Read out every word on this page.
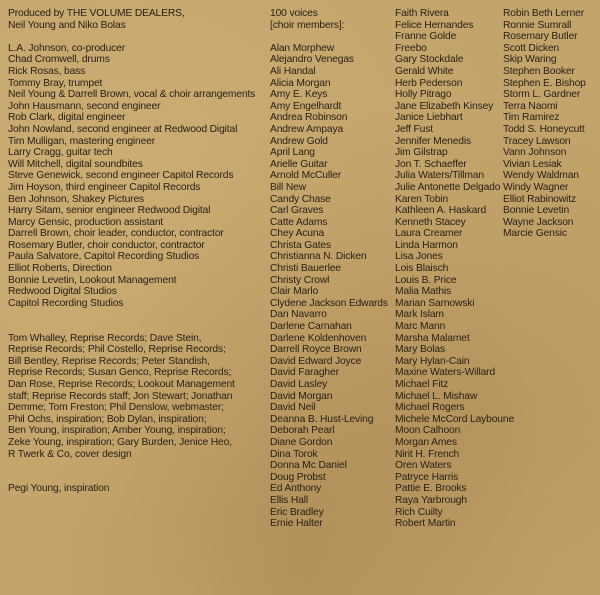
Produced by THE VOLUME DEALERS,
Neil Young and Niko Bolas
L.A. Johnson, co-producer
Chad Cromwell, drums
Rick Rosas, bass
Tommy Bray, trumpet
Neil Young & Darrell Brown, vocal & choir arrangements
John Hausmann, second engineer
Rob Clark, digital engineer
John Nowland, second engineer at Redwood Digital
Tim Mulligan, mastering engineer
Larry Cragg, guitar tech
Will Mitchell, digital soundbites
Steve Genewick, second engineer Capitol Records
Jim Hoyson, third engineer Capitol Records
Ben Johnson, Shakey Pictures
Harry Sitam, senior engineer Redwood Digital
Marcy Gensic, production assistant
Darrell Brown, choir leader, conductor, contractor
Rosemary Butler, choir conductor, contractor
Paula Salvatore, Capitol Recording Studios
Elliot Roberts, Direction
Bonnie Levetin, Lookout Management
Redwood Digital Studios
Capitol Recording Studios
Tom Whalley, Reprise Records; Dave Stein,
Reprise Records; Phil Costello, Reprise Records;
Bill Bentley, Reprise Records; Peter Standish,
Reprise Records; Susan Genco, Reprise Records;
Dan Rose, Reprise Records; Lookout Management
staff; Reprise Records staff; Jon Stewart; Jonathan
Demme; Tom Freston; Phil Denslow, webmaster;
Phil Ochs, inspiration; Bob Dylan, inspiration;
Ben Young, inspiration; Amber Young, inspiration;
Zeke Young, inspiration; Gary Burden, Jenice Heo,
R Twerk & Co, cover design
Pegi Young, inspiration
100 voices
[choir members]:
Alan Morphew
Alejandro Venegas
Ali Handal
Alicia Morgan
Amy E. Keys
Amy Engelhardt
Andrea Robinson
Andrew Ampaya
Andrew Gold
April Lang
Arielle Guitar
Arnold McCuller
Bill New
Candy Chase
Carl Graves
Catte Adams
Chey Acuna
Christa Gates
Christianna N. Dicken
Christi Bauerlee
Christy Crowl
Clair Marlo
Clydene Jackson Edwards
Dan Navarro
Darlene Carnahan
Darlene Koldenhoven
Darrell Royce Brown
David Edward Joyce
David Faragher
David Lasley
David Morgan
David Neil
Deanna B. Hust-Leving
Deborah Pearl
Diane Gordon
Dina Torok
Donna Mc Daniel
Doug Probst
Ed Anthony
Ellis Hall
Eric Bradley
Ernie Halter
Faith Rivera
Felice Hernandes
Franne Golde
Freebo
Gary Stockdale
Gerald White
Herb Pederson
Holly Pitrago
Jane Elizabeth Kinsey
Janice Liebhart
Jeff Fust
Jennifer Menedis
Jim Gilstrap
Jon T. Schaeffer
Julia Waters/Tillman
Julie Antonette Delgado
Karen Tobin
Kathleen A. Haskard
Kenneth Stacey
Laura Creamer
Linda Harmon
Lisa Jones
Lois Blaisch
Louis B. Price
Malia Mathis
Marian Sarnowski
Mark Islam
Marc Mann
Marsha Malamet
Mary Bolas
Mary Hylan-Cain
Maxine Waters-Willard
Michael Fitz
Michael L. Mishaw
Michael Rogers
Michele McCord Layboune
Moon Calhoon
Morgan Ames
Nirit H. French
Oren Waters
Patryce Harris
Pattie E. Brooks
Raya Yarbrough
Rich Cuilty
Robert Martin
Robin Beth Lerner
Ronnie Sumrall
Rosemary Butler
Scott Dicken
Skip Waring
Stephen Booker
Stephen E. Bishop
Storm L. Gardner
Terra Naomi
Tim Ramirez
Todd S. Honeycutt
Tracey Lawson
Vann Johnson
Vivian Lesiak
Wendy Waldman
Windy Wagner
Elliot Rabinowitz
Bonnie Levetin
Wayne Jackson
Marcie Gensic
